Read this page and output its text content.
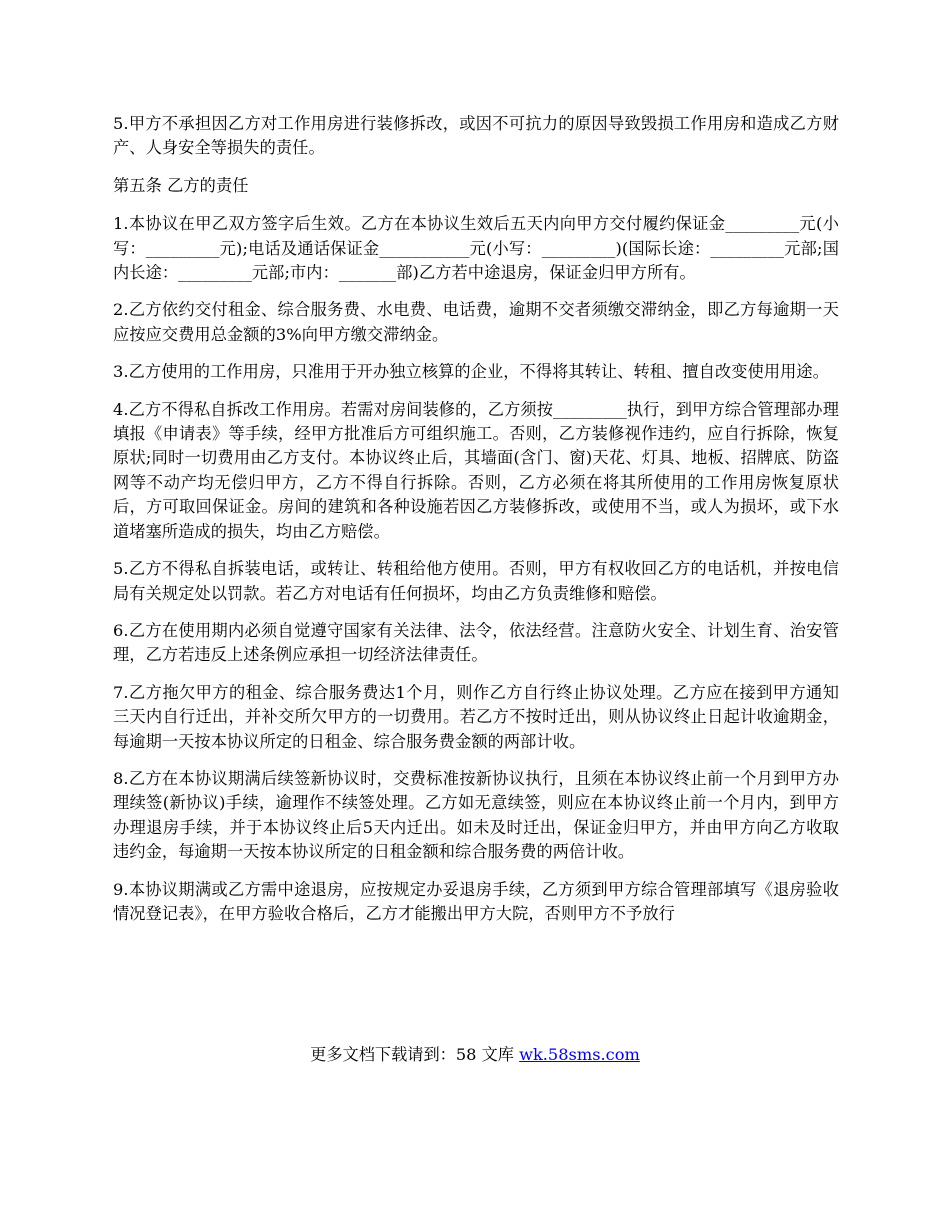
5.甲方不承担因乙方对工作用房进行装修拆改，或因不可抗力的原因导致毁损工作用房和造成乙方财产、人身安全等损失的责任。

第五条 乙方的责任

1.本协议在甲乙双方签字后生效。乙方在本协议生效后五天内向甲方交付履约保证金_________元(小写：_________元);电话及通话保证金___________元(小写：_________)(国际长途：_________元部;国内长途：_________元部;市内：_______部)乙方若中途退房，保证金归甲方所有。

2.乙方依约交付租金、综合服务费、水电费、电话费，逾期不交者须缴交滞纳金，即乙方每逾期一天应按应交费用总金额的3%向甲方缴交滞纳金。

3.乙方使用的工作用房，只准用于开办独立核算的企业，不得将其转让、转租、擅自改变使用用途。

4.乙方不得私自拆改工作用房。若需对房间装修的，乙方须按_________执行，到甲方综合管理部办理填报《申请表》等手续，经甲方批准后方可组织施工。否则，乙方装修视作违约，应自行拆除，恢复原状;同时一切费用由乙方支付。本协议终止后，其墙面(含门、窗)天花、灯具、地板、招牌底、防盗网等不动产均无偿归甲方，乙方不得自行拆除。否则，乙方必须在将其所使用的工作用房恢复原状后，方可取回保证金。房间的建筑和各种设施若因乙方装修拆改，或使用不当，或人为损坏，或下水道堵塞所造成的损失，均由乙方赔偿。

5.乙方不得私自拆装电话，或转让、转租给他方使用。否则，甲方有权收回乙方的电话机，并按电信局有关规定处以罚款。若乙方对电话有任何损坏，均由乙方负责维修和赔偿。

6.乙方在使用期内必须自觉遵守国家有关法律、法令，依法经营。注意防火安全、计划生育、治安管理，乙方若违反上述条例应承担一切经济法律责任。

7.乙方拖欠甲方的租金、综合服务费达1个月，则作乙方自行终止协议处理。乙方应在接到甲方通知三天内自行迁出，并补交所欠甲方的一切费用。若乙方不按时迁出，则从协议终止日起计收逾期金，每逾期一天按本协议所定的日租金、综合服务费金额的两部计收。

8.乙方在本协议期满后续签新协议时，交费标准按新协议执行，且须在本协议终止前一个月到甲方办理续签(新协议)手续，逾理作不续签处理。乙方如无意续签，则应在本协议终止前一个月内，到甲方办理退房手续，并于本协议终止后5天内迁出。如未及时迁出，保证金归甲方，并由甲方向乙方收取违约金，每逾期一天按本协议所定的日租金额和综合服务费的两倍计收。

9.本协议期满或乙方需中途退房，应按规定办妥退房手续，乙方须到甲方综合管理部填写《退房验收情况登记表》，在甲方验收合格后，乙方才能搬出甲方大院，否则甲方不予放行

更多文档下载请到：58 文库 wk.58sms.com
